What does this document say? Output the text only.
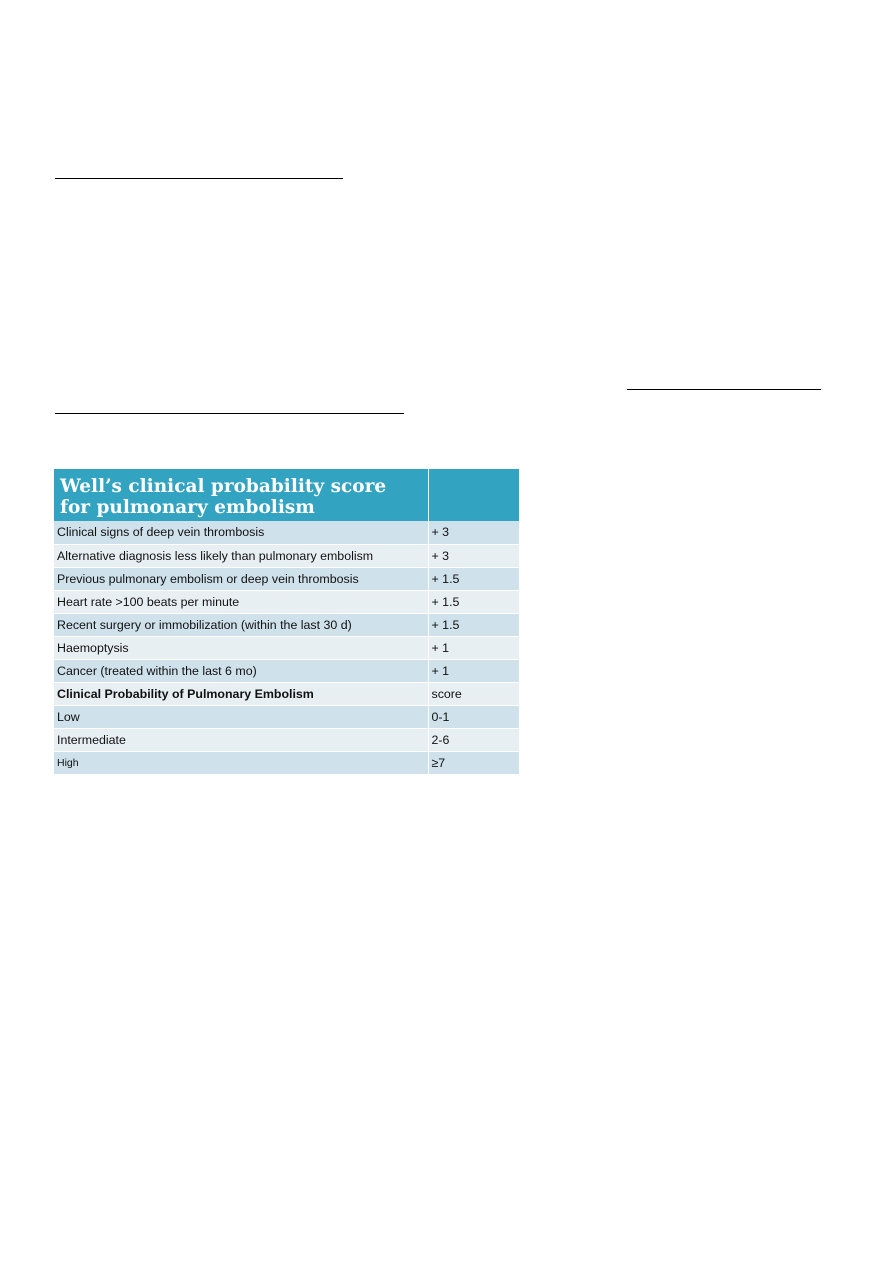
Well’s clinical probability score for pulmonary embolism	
Clinical signs of deep vein thrombosis	+ 3
Alternative diagnosis less likely than pulmonary embolism	+ 3
Previous pulmonary embolism or deep vein thrombosis	+ 1.5
Heart rate >100 beats per minute	+ 1.5
Recent surgery or immobilization (within the last 30 d)	+ 1.5
Haemoptysis	+ 1
Cancer (treated within the last 6 mo)	+ 1
Clinical Probability of Pulmonary Embolism	score
Low	0-1
Intermediate	2-6
High	≥7
